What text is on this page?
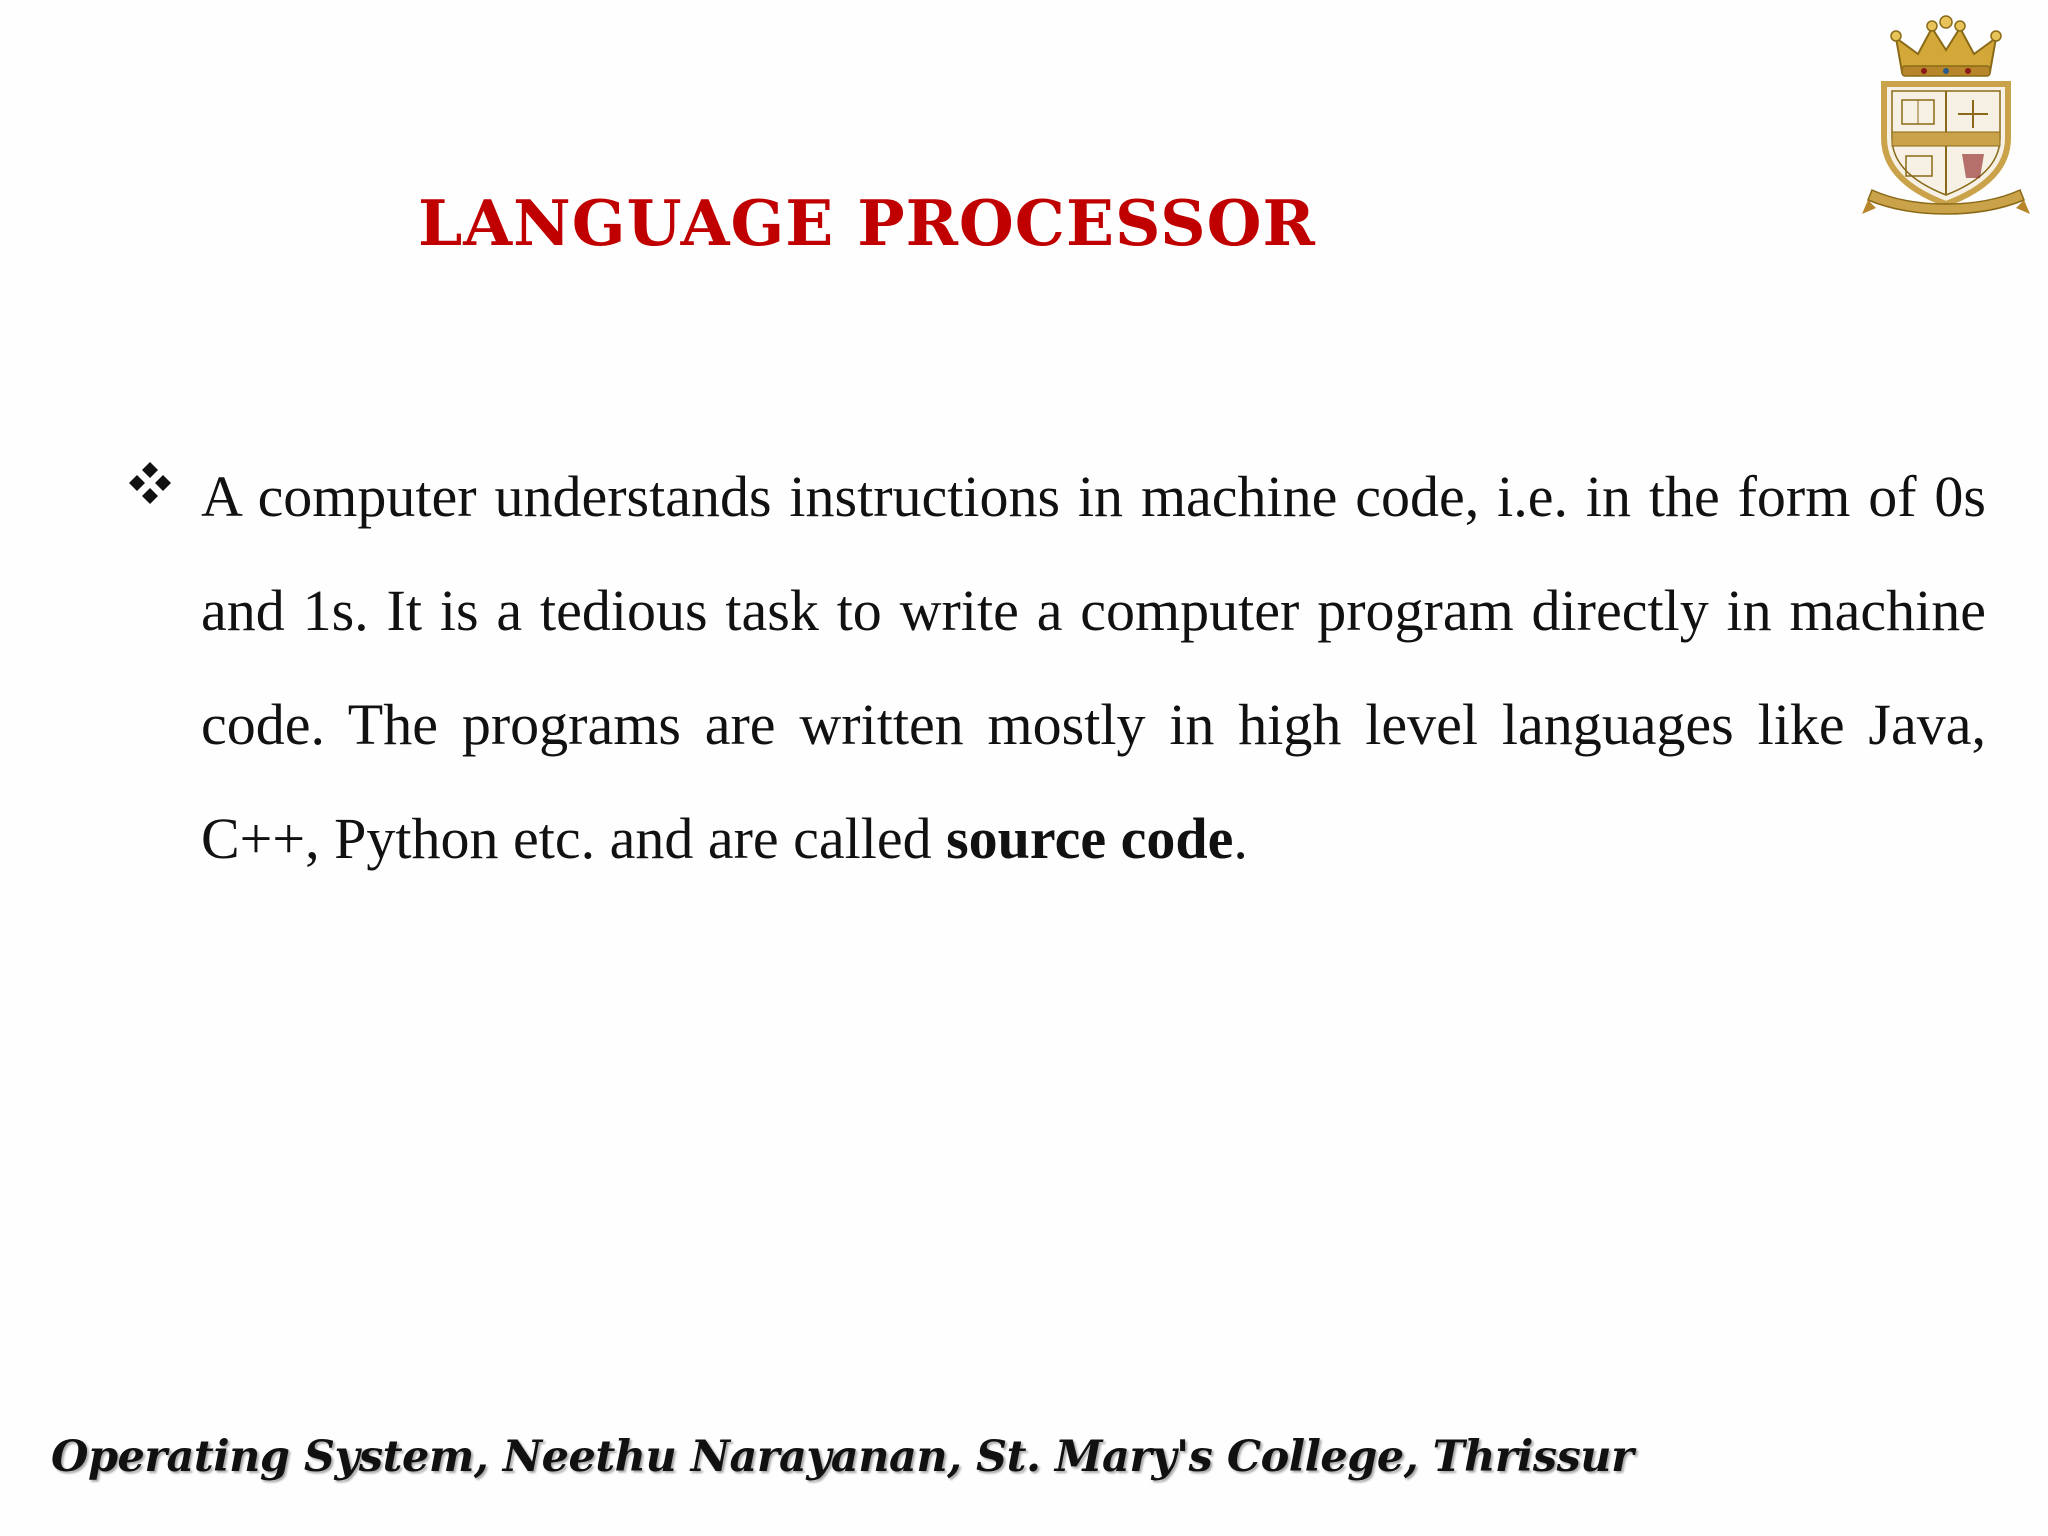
LANGUAGE PROCESSOR
A computer understands instructions in machine code, i.e. in the form of 0s and 1s. It is a tedious task to write a computer program directly in machine code. The programs are written mostly in high level languages like Java, C++, Python etc. and are called source code.
Operating System, Neethu Narayanan, St. Mary's College, Thrissur
